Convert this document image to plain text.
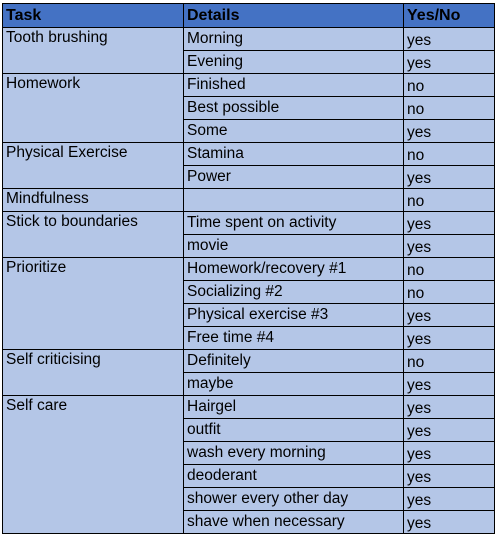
Task	Details	Yes/No
Tooth brushing	Morning	yes
	Evening	yes
Homework	Finished	no
	Best possible	no
	Some	yes
Physical Exercise	Stamina	no
	Power	yes
Mindfulness		no
Stick to boundaries	Time spent on activity	yes
	movie	yes
Prioritize	Homework/recovery #1	no
	Socializing #2	no
	Physical exercise #3	yes
	Free time #4	yes
Self criticising	Definitely	no
	maybe	yes
Self care	Hairgel	yes
	outfit	yes
	wash every morning	yes
	deoderant	yes
	shower every other day	yes
	shave when necessary	yes
